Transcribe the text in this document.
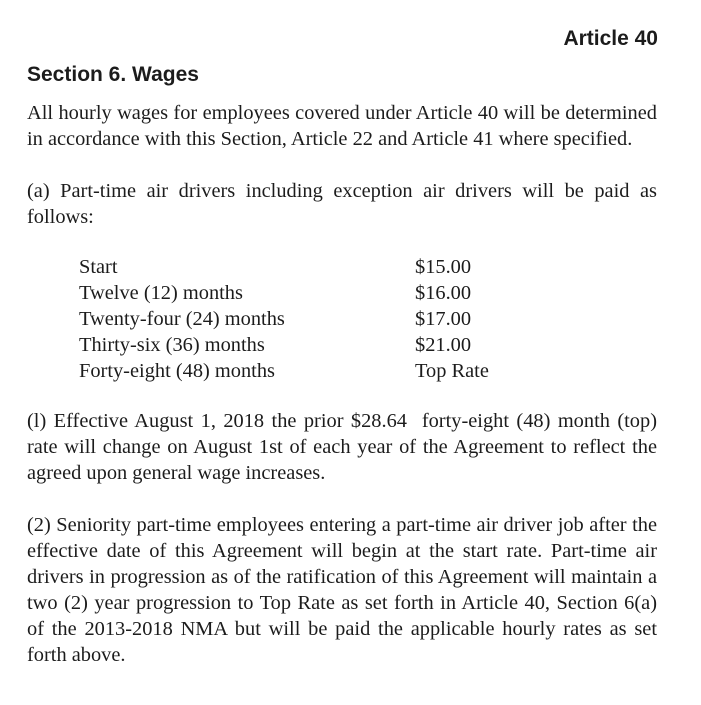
Article 40
Section 6. Wages

All hourly wages for employees covered under Article 40 will be determined in accordance with this Section, Article 22 and Article 41 where specified.

(a) Part-time air drivers including exception air drivers will be paid as follows:

Start	$15.00
Twelve (12) months	$16.00
Twenty-four (24) months	$17.00
Thirty-six (36) months	$21.00
Forty-eight (48) months	Top Rate

(l) Effective August 1, 2018 the prior $28.64  forty-eight (48) month (top) rate will change on August 1st of each year of the Agreement to reflect the agreed upon general wage increases.

(2) Seniority part-time employees entering a part-time air driver job after the effective date of this Agreement will begin at the start rate. Part-time air drivers in progression as of the ratification of this Agreement will maintain a two (2) year progression to Top Rate as set forth in Article 40, Section 6(a) of the 2013-2018 NMA but will be paid the applicable hourly rates as set forth above.
